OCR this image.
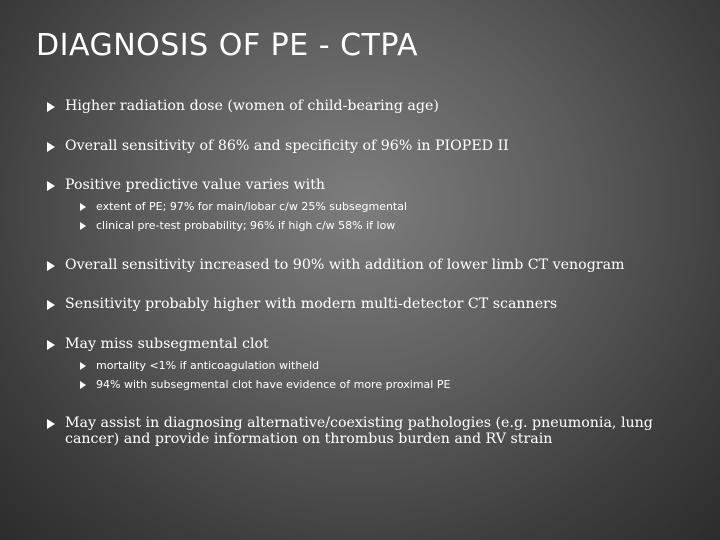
DIAGNOSIS OF PE - CTPA
Higher radiation dose (women of child-bearing age)
Overall sensitivity of 86% and specificity of 96% in PIOPED II
Positive predictive value varies with
extent of PE; 97% for main/lobar c/w 25% subsegmental
clinical pre-test probability; 96% if high c/w 58% if low
Overall sensitivity increased to 90% with addition of lower limb CT venogram
Sensitivity probably higher with modern multi-detector CT scanners
May miss subsegmental clot
mortality <1% if anticoagulation witheld
94% with subsegmental clot have evidence of more proximal PE
May assist in diagnosing alternative/coexisting pathologies (e.g. pneumonia, lung cancer) and provide information on thrombus burden and RV strain
